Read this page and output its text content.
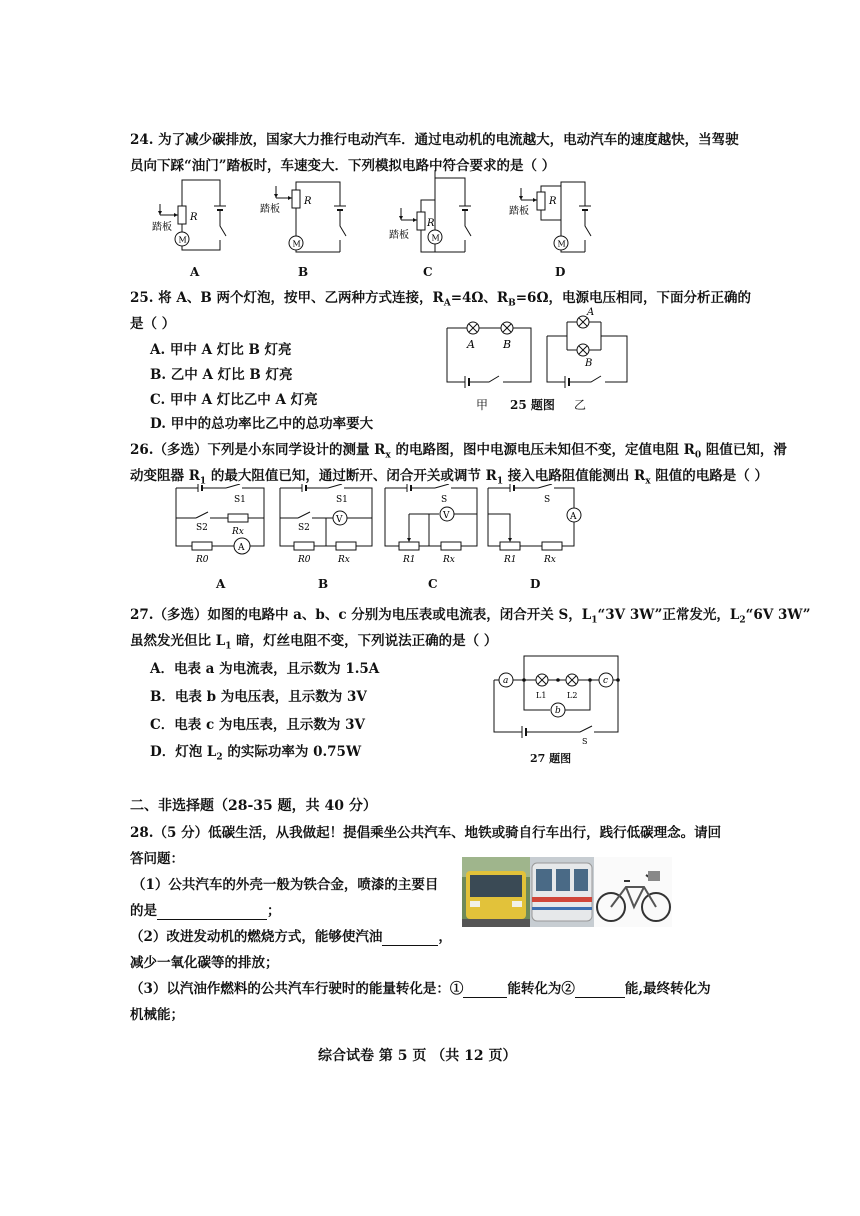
24. 为了减少碳排放，国家大力推行电动汽车．通过电动机的电流越大，电动汽车的速度越快，当驾驶
员向下踩“油门”踏板时，车速变大．下列模拟电路中符合要求的是（ ）
R
M
踏板
A
R
M
踏板
B
R
M
踏板
C
R
M
踏板
D
25. 将 A、B 两个灯泡，按甲、乙两种方式连接，$R_A=4\Omega$、$R_B=6\Omega$，电源电压相同，下面分析正确的
是（ ）
A. 甲中 A 灯比 B 灯亮
B. 乙中 A 灯比 B 灯亮
C. 甲中 A 灯比乙中 A 灯亮
D. 甲中的总功率比乙中的总功率要大
A	B
A
B
甲 25 题图 乙
26.（多选）下列是小东同学设计的测量 $R_x$ 的电路图，图中电源电压未知但不变，定值电阻 $R_0$ 阻值已知，滑
动变阻器 $R_1$ 的最大阻值已知，通过断开、闭合开关或调节 $R_1$ 接入电路阻值能测出 $R_x$ 阻值的电路是（ ）
A
S1
S2	Rx
R0
A
V
S1
S2
R0	Rx
B
V
S
R1	Rx
C
A
S
R1	Rx
D
27.（多选）如图的电路中 a、b、c 分别为电压表或电流表，闭合开关 S，$L_1“3V$ 3W”正常发光，$L_2“6V$ 3W”
虽然发光但比 $L_1$ 暗，灯丝电阻不变，下列说法正确的是（ ）
A．电表 a 为电流表，且示数为 1.5A
B．电表 b 为电压表，且示数为 3V
C．电表 c 为电压表，且示数为 3V
D．灯泡 $L_2$ 的实际功率为 0.75W
a
b
c
L1	L2
S
27 题图
二、非选择题（28-35 题，共 40 分）
28.（5 分）低碳生活，从我做起！提倡乘坐公共汽车、地铁或骑自行车出行，践行低碳理念。请回
答问题：
（1）公共汽车的外壳一般为铁合金，喷漆的主要目
的是	；
（2）改进发动机的燃烧方式，能够使汽油	，
减少一氧化碳等的排放；
（3）以汽油作燃料的公共汽车行驶时的能量转化是：①	能转化为②	能,最终转化为
机械能；
综合试卷 第 5 页 （共 12 页）
